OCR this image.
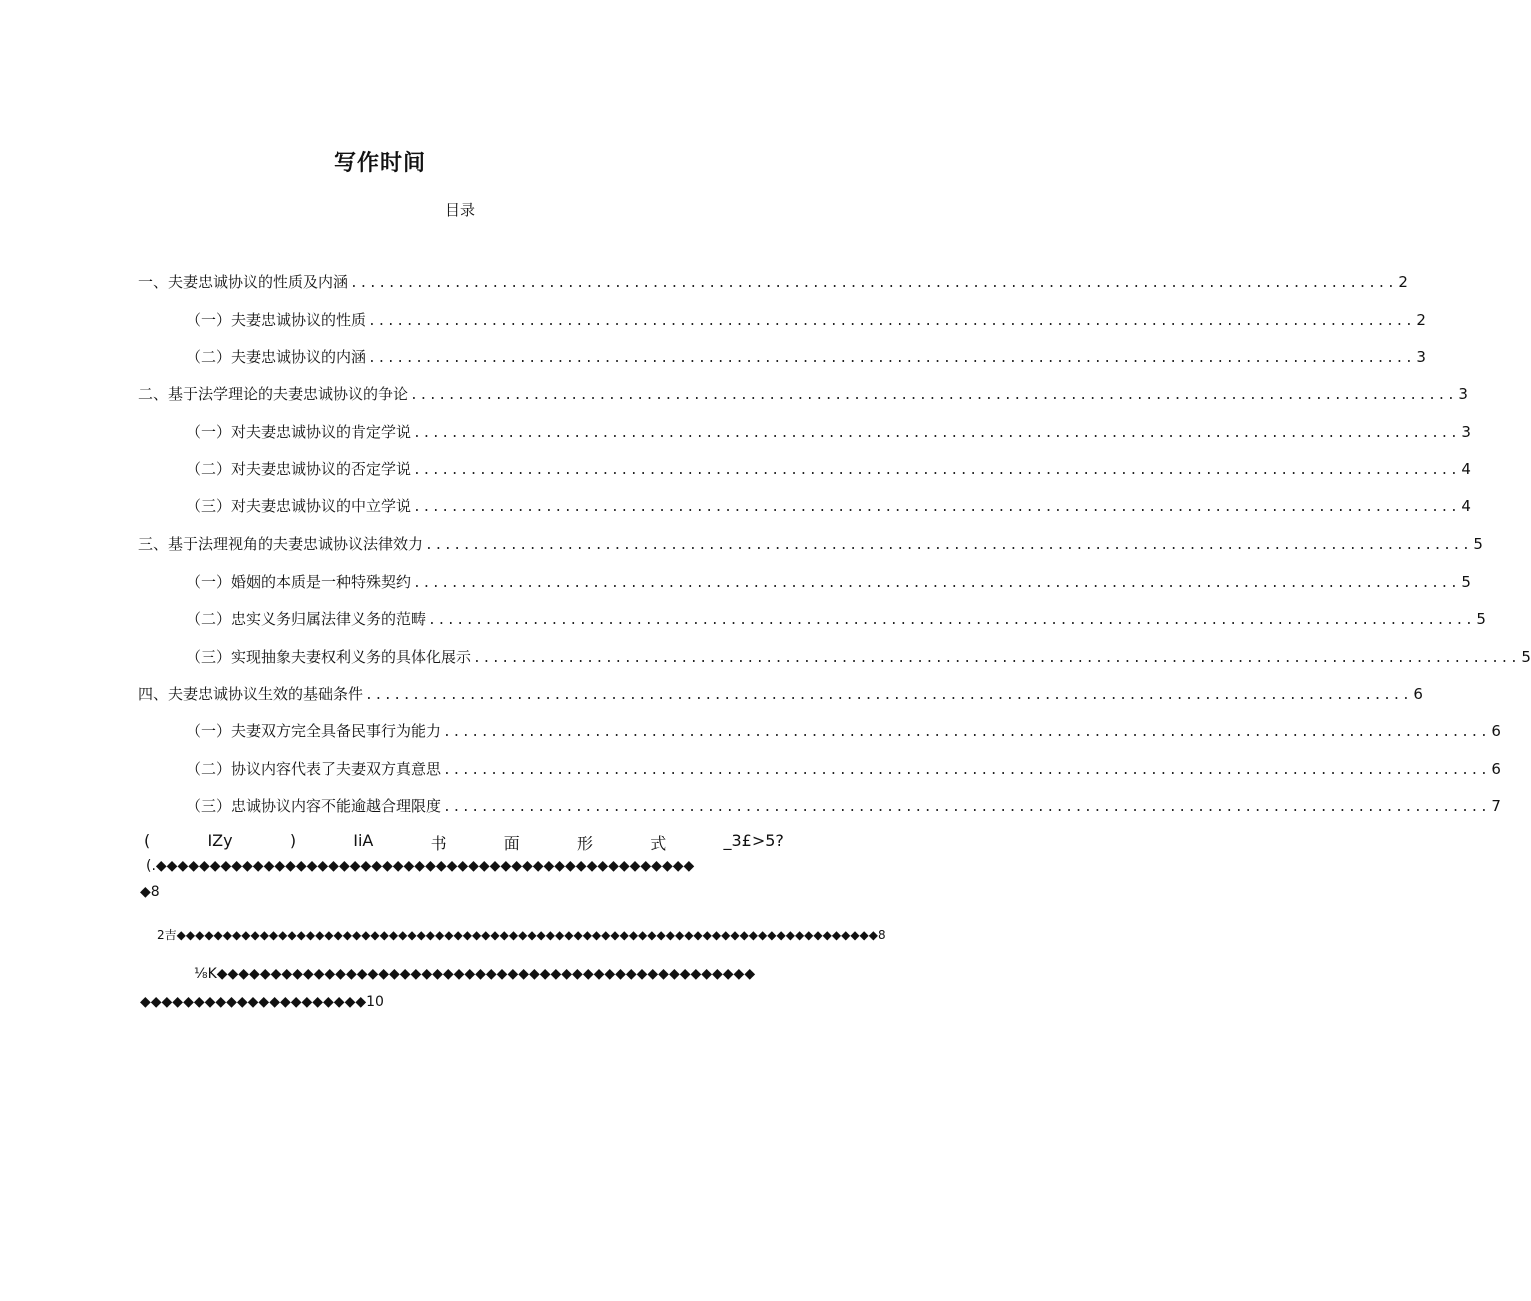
写作时间
目录
一、夫妻忠诚协议的性质及内涵 ............................................................................................................... 2
（一）夫妻忠诚协议的性质 ............................................................................................................... 2
（二）夫妻忠诚协议的内涵 ............................................................................................................... 3
二、基于法学理论的夫妻忠诚协议的争论 ............................................................................................................... 3
（一）对夫妻忠诚协议的肯定学说 ............................................................................................................... 3
（二）对夫妻忠诚协议的否定学说 ............................................................................................................... 4
（三）对夫妻忠诚协议的中立学说 ............................................................................................................... 4
三、基于法理视角的夫妻忠诚协议法律效力 ............................................................................................................... 5
（一）婚姻的本质是一种特殊契约 ............................................................................................................... 5
（二）忠实义务归属法律义务的范畴 ............................................................................................................... 5
（三）实现抽象夫妻权利义务的具体化展示 ............................................................................................................... 5
四、夫妻忠诚协议生效的基础条件 ............................................................................................................... 6
（一）夫妻双方完全具备民事行为能力 ............................................................................................................... 6
（二）协议内容代表了夫妻双方真意思 ............................................................................................................... 6
（三）忠诚协议内容不能逾越合理限度 ............................................................................................................... 7
(	IZy	)	IiA	书	面	形	式	_3£>5?
(.◆◆◆◆◆◆◆◆◆◆◆◆◆◆◆◆◆◆◆◆◆◆◆◆◆◆◆◆◆◆◆◆◆◆◆◆◆◆◆◆◆◆◆◆◆◆◆◆◆◆
◆8
2吉◆◆◆◆◆◆◆◆◆◆◆◆◆◆◆◆◆◆◆◆◆◆◆◆◆◆◆◆◆◆◆◆◆◆◆◆◆◆◆◆◆◆◆◆◆◆◆◆◆◆◆◆◆◆◆◆◆◆◆◆◆◆◆◆◆◆◆◆◆◆◆◆◆◆◆◆8
⅛K◆◆◆◆◆◆◆◆◆◆◆◆◆◆◆◆◆◆◆◆◆◆◆◆◆◆◆◆◆◆◆◆◆◆◆◆◆◆◆◆◆◆◆◆◆◆◆◆◆◆
◆◆◆◆◆◆◆◆◆◆◆◆◆◆◆◆◆◆◆◆◆10
